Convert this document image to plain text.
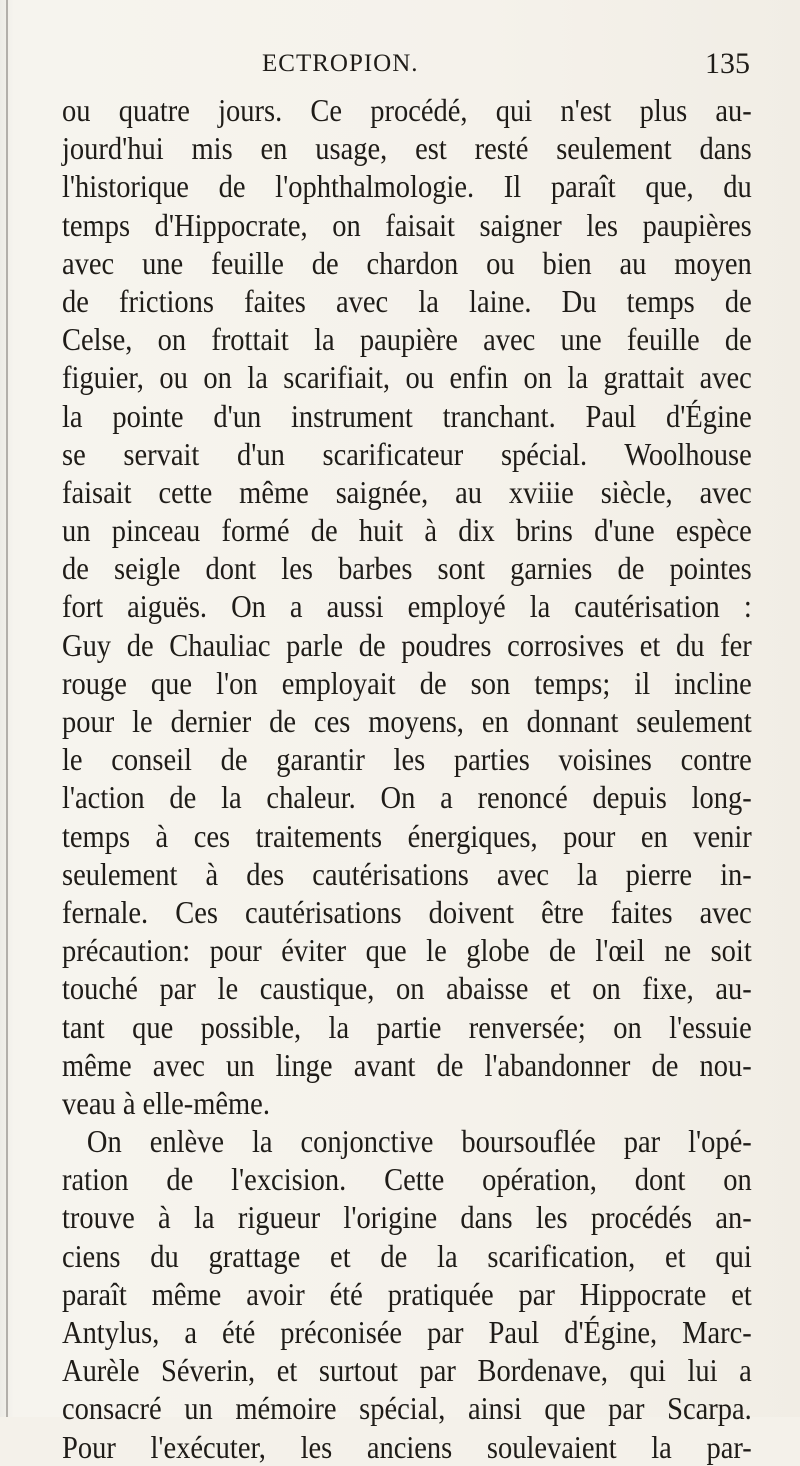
ECTROPION.	135
ou quatre jours. Ce procédé, qui n'est plus au-
jourd'hui mis en usage, est resté seulement dans
l'historique de l'ophthalmologie. Il paraît que, du
temps d'Hippocrate, on faisait saigner les paupières
avec une feuille de chardon ou bien au moyen
de frictions faites avec la laine. Du temps de
Celse, on frottait la paupière avec une feuille de
figuier, ou on la scarifiait, ou enfin on la grattait avec
la pointe d'un instrument tranchant. Paul d'Égine
se servait d'un scarificateur spécial. Woolhouse
faisait cette même saignée, au xviiie siècle, avec
un pinceau formé de huit à dix brins d'une espèce
de seigle dont les barbes sont garnies de pointes
fort aiguës. On a aussi employé la cautérisation :
Guy de Chauliac parle de poudres corrosives et du fer
rouge que l'on employait de son temps; il incline
pour le dernier de ces moyens, en donnant seulement
le conseil de garantir les parties voisines contre
l'action de la chaleur. On a renoncé depuis long-
temps à ces traitements énergiques, pour en venir
seulement à des cautérisations avec la pierre in-
fernale. Ces cautérisations doivent être faites avec
précaution: pour éviter que le globe de l'œil ne soit
touché par le caustique, on abaisse et on fixe, au-
tant que possible, la partie renversée; on l'essuie
même avec un linge avant de l'abandonner de nou-
veau à elle-même.
On enlève la conjonctive boursouflée par l'opé-
ration de l'excision. Cette opération, dont on
trouve à la rigueur l'origine dans les procédés an-
ciens du grattage et de la scarification, et qui
paraît même avoir été pratiquée par Hippocrate et
Antylus, a été préconisée par Paul d'Égine, Marc-
Aurèle Séverin, et surtout par Bordenave, qui lui a
consacré un mémoire spécial, ainsi que par Scarpa.
Pour l'exécuter, les anciens soulevaient la par-
